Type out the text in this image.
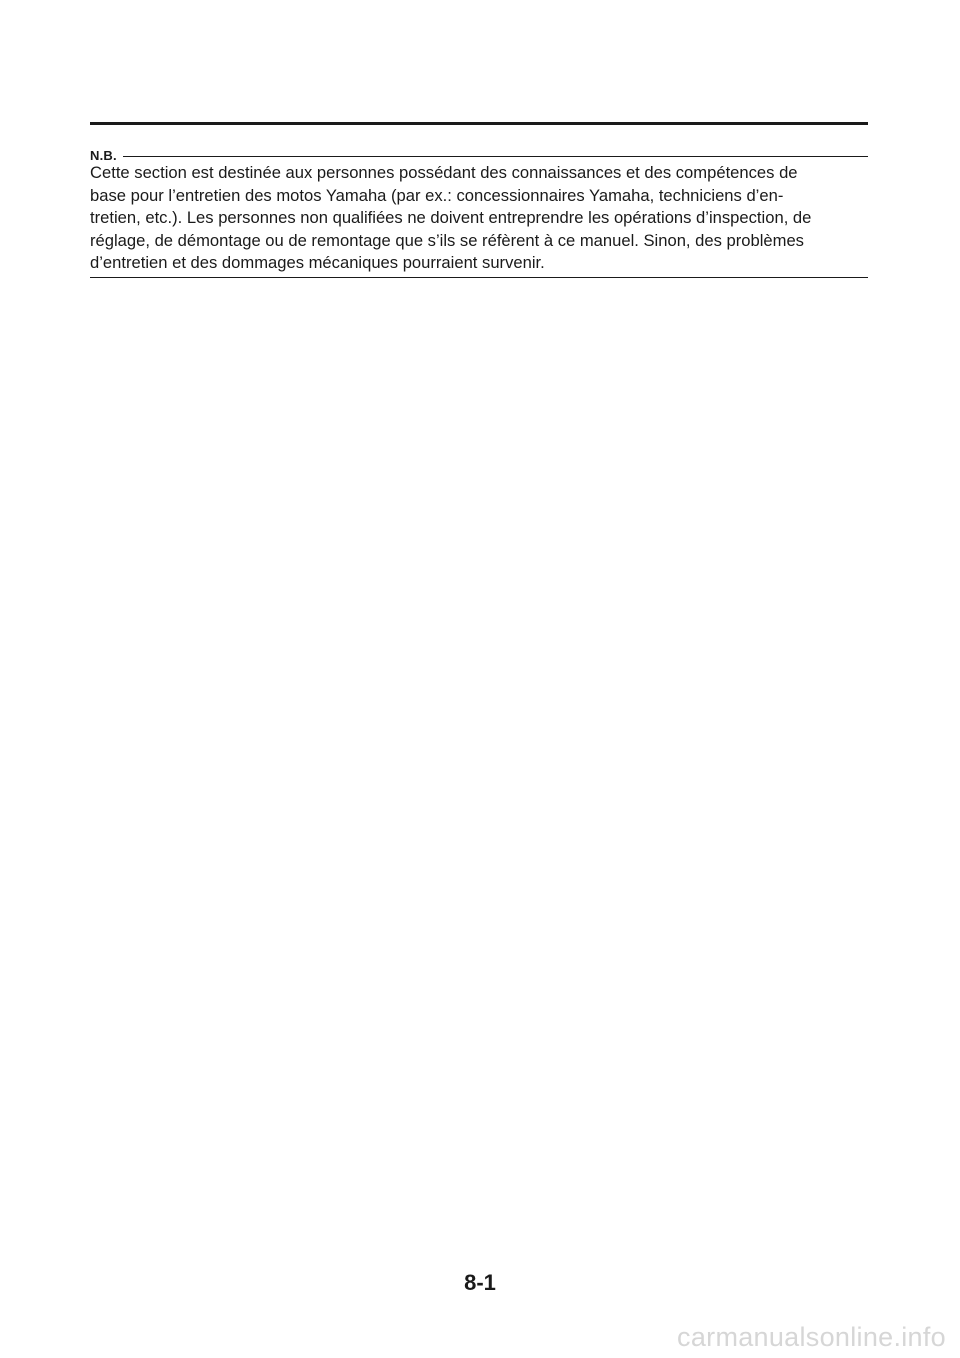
N.B.
Cette section est destinée aux personnes possédant des connaissances et des compétences de
base pour l’entretien des motos Yamaha (par ex.: concessionnaires Yamaha, techniciens d’en-
tretien, etc.). Les personnes non qualifiées ne doivent entreprendre les opérations d’inspection, de
réglage, de démontage ou de remontage que s’ils se réfèrent à ce manuel. Sinon, des problèmes
d’entretien et des dommages mécaniques pourraient survenir.
8-1
carmanualsonline.info
